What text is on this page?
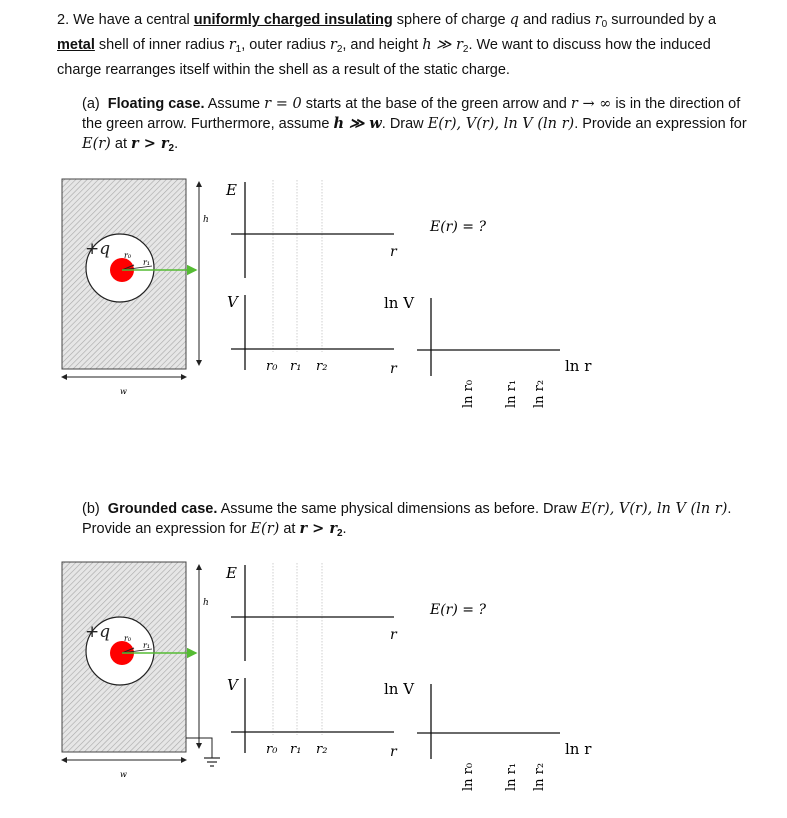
2. We have a central uniformly charged insulating sphere of charge q and radius $r_0$ surrounded by a metal shell of inner radius $r_1$, outer radius $r_2$, and height h ≫ $r_2$. We want to discuss how the induced charge rearranges itself within the shell as a result of the static charge.

(a) Floating case. Assume r = 0 starts at the base of the green arrow and r → ∞ is in the direction of the green arrow. Furthermore, assume h ≫ w. Draw E(r), V(r), ln V (ln r). Provide an expression for E(r) at $r > r_2$.

+q r₀
r₁
h
w
E
r
E(r) = ?
V
r
r₀ r₁ r₂
ln V
ln r
ln r₀ ln r₁ ln r₂

(b) Grounded case. Assume the same physical dimensions as before. Draw E(r), V(r), ln V (ln r). Provide an expression for E(r) at $r > r_2$.

+q r₀
r₁
h
w
E
r
E(r) = ?
V
r
r₀ r₁ r₂
ln V
ln r
ln r₀ ln r₁ ln r₂
